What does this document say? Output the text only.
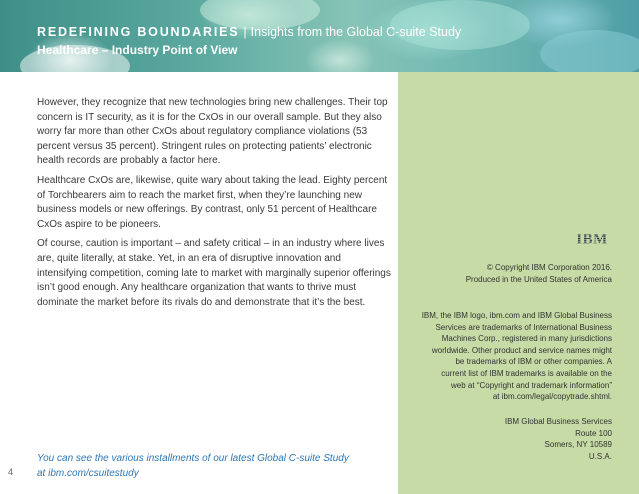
REDEFINING BOUNDARIES | Insights from the Global C-suite Study
Healthcare – Industry Point of View

However, they recognize that new technologies bring new challenges. Their top concern is IT security, as it is for the CxOs in our overall sample. But they also worry far more than other CxOs about regulatory compliance violations (53 percent versus 35 percent). Stringent rules on protecting patients’ electronic health records are probably a factor here.

Healthcare CxOs are, likewise, quite wary about taking the lead. Eighty percent of Torchbearers aim to reach the market first, when they’re launching new business models or new offerings. By contrast, only 51 percent of Healthcare CxOs aspire to be pioneers.

Of course, caution is important – and safety critical – in an industry where lives are, quite literally, at stake. Yet, in an era of disruptive innovation and intensifying competition, coming late to market with marginally superior offerings isn’t good enough. Any healthcare organization that wants to thrive must dominate the market before its rivals do and demonstrate that it’s the best.

You can see the various installments of our latest Global C-suite Study

at ibm.com/csuitestudy

4
IBM

© Copyright IBM Corporation 2016.

Produced in the United States of America

IBM, the IBM logo, ibm.com and IBM Global Business

Services are trademarks of International Business

Machines Corp., registered in many jurisdictions

worldwide. Other product and service names might

be trademarks of IBM or other companies. A

current list of IBM trademarks is available on the

web at “Copyright and trademark information”

at ibm.com/legal/copytrade.shtml.

IBM Global Business Services

Route 100

Somers, NY 10589

U.S.A.
